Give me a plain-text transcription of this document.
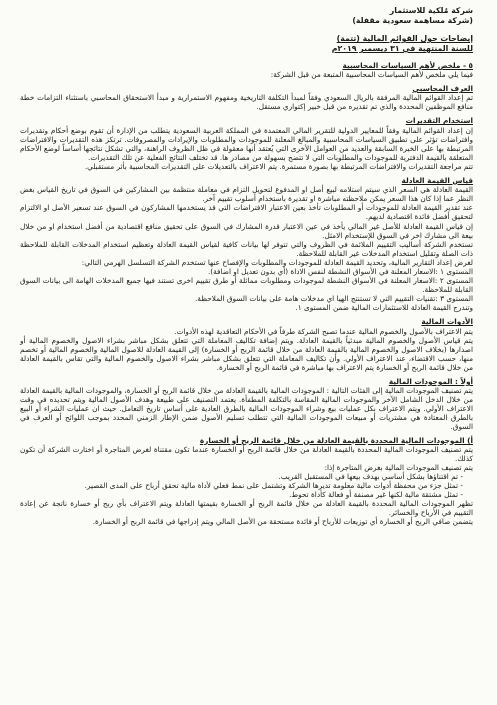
شركة مُلكية للاستثمار
(شركة مساهمة سعودية مقفلة)
إيضاحات حول القوائم المالية (تتمة)
للسنة المنتهية في ٣١ ديسمبر ٢٠١٩م
٥ - ملخص لأهم السياسات المحاسبية

فيما يلي ملخص لأهم السياسات المحاسبية المتبعة من قبل الشركة:

العرف المحاسبي

تم إعداد القوائم المالية المرفقة بالريال السعودي وفقاً لمبدأ التكلفة التاريخية ومفهوم الاستمرارية و مبدأ الاستحقاق المحاسبي باستثناء التزامات خطة منافع الموظفين المحددة والذي تم تقديره من قبل خبير إكتواري مستقل.

استخدام التقديرات

إن إعداد القوائم المالية وفقاً للمعايير الدولية للتقرير المالي المعتمدة في المملكة العربية السعودية يتطلب من الإدارة أن تقوم بوضع أحكام وتقديرات وافتراضات تؤثر على تطبيق السياسات المحاسبية والمبالغ المعلنة للموجودات والمطلوبات والإيرادات والمصروفات. ترتكز هذه التقديرات والافتراضات المرتبطة بها على الخبرة السابقة والعديد من العوامل الأخرى التي يُعتقد أنها معقولة في ظل الظروف الراهنة، والتي تشكل نتائجها أساساً لوضع الأحكام المتعلقة بالقيمة الدفترية للموجودات والمطلوبات التي لا تتضح بسهولة من مصادر ها. قد تختلف النتائج الفعلية عن تلك التقديرات.

تتم مراجعة التقديرات والافتراضات المرتبطة بها بصورة مستمرة. يتم الاعتراف بالتعديلات على التقديرات المحاسبية بأثر مستقبلي.

قياس القيمة العادلة

القيمة العادلة هي السعر الذي سيتم استلامه لبيع أصل او المدفوع لتحويل التزام في معاملة منتظمة بين المشاركين في السوق في تاريخ القياس بغض النظر عما إذا كان هذا السعر يمكن ملاحظته مباشرة او تقديرة باستخدام أسلوب تقييم آخر.

عند تقدير القيمة العادلة للموجودات أو المطلوبات تأخذ بعين الاعتبار الافتراضات التي قد يستخدمها المشاركون في السوق عند تسعير الأصل او الالتزام لتحقيق أفضل فائدة اقتصادية لديهم.

إن قياس القيمة العادلة للأصل غير المالي يأخذ في عين الاعتبار قدرة المشارك في السوق على تحقيق منافع اقتصادية من أفضل استخدام او من خلال بيعة الى مشارك اخر في السوق للإستخدام الامثل.

تستخدم الشركة أساليب التقييم الملائمة في الظروف والتي تتوفر لها بيانات كافية لقياس القيمة العادلة وتعظيم استخدام المدخلات القابلة للملاحظة ذات الصلة وتقليل استخدام المدخلات غير القابلة للملاحظة.

لغرض إعداد التقارير المالية، وتحديد القيمة العادلة للموجودات والمطلوبات والإفصاح عنها تستخدم الشركة التسلسل الهرمي التالي:

المستوى ١ :الاسعار المعلنة في الأسواق النشطة لنفس الاداة (أي بدون تعديل او اضافة).

المستوى ٢ :الاسعار المعلنة في الأسواق النشطة لموجودات ومطلوبات مماثلة أو طرق تقييم اخرى تستند فيها جميع المدخلات الهامة الى بيانات السوق القابلة للملاحظة.

المستوى ٣ :تقنيات التقييم التي لا تستنتج الهيا اي مدخلات هامة على بيانات السوق الملاحظة.

وتندرج القيمة العادلة للاستثمارات المالية ضمن المستوى ١.

الأدوات المالية

يتم الاعتراف بالأصول والخصوم المالية عندما تصبح الشركة طرفاً في الأحكام التعاقدية لهذه الأدوات.

يتم قياس الأصول والخصوم المالية مبدئياً بالقيمة العادلة. ويتم إضافة تكاليف المعاملة التي تتعلق بشكل مباشر بشراء الاصول والخصوم المالية أو اصدارها (بخلاف الاصول والخصوم المالية بالقيمة العادلة من خلال قائمة الربح أو الخسارة) إلى القيمة العادلة للاصول المالية والخصوم المالية أو تخصم منها، حسب الاقتضاء، عند الاعتراف الأولي. وأن تكاليف المعاملة التي تتعلق بشكل مباشر بشراء الاصول والخصوم المالية والتي تقاس بالقيمة العادلة من خلال قائمة الربح أو الخسارة يتم الاعتراف بها مباشرة في قائمة الربح أو الخسارة.

أولاً : الموجودات المالية

يتم تصنيف الموجودات المالية إلى الفئات التالية : الموجودات المالية بالقيمة العادلة من خلال قائمة الربح أو الخسارة، والموجودات المالية بالقيمة العادلة من خلال الدخل الشامل الآخر والموجودات المالية المقاسة بالتكلفة المطفأة. يعتمد التصنيف على طبيعة وهدف الأصول المالية ويتم تحديده في وقت الاعتراف الأولي. ويتم الاعتراف بكل عمليات بيع وشراء الموجودات المالية بالطرق العادية على أساس تاريخ التعامل. حيث ان عمليات الشراء أو البيع بالطرق المعتادة هي مشتريات أو مبيعات الموجودات المالية التي تتطلب تسليم الأصول ضمن الإطار الزمني المحدد بموجب اللوائح أو العرف في السوق.

أ) الموجودات المالية المحددة بالقيمة العادلة من خلال قائمة الربح أو الخسارة

يتم تصنيف الموجودات المالية المحددة بالقيمة العادلة من خلال قائمة الربح أو الخسارة عندما تكون مقتناة لغرض المتاجرة أو اختارت الشركة أن تكون كذلك.

يتم تصنيف الموجودات المالية بغرض المتاجرة إذا:

- تم اقتناؤها بشكل أساسي بهدف بيعها في المستقبل القريب.

- تمثل جزء من محفظة أدوات مالية معلومة تديرها الشركة وتشتمل على نمط فعلي لأداة مالية تحقق أرباح على المدى القصير.

- تمثل مشتقة مالية لكنها غير مصنفة أو فعالة كأداة تحوط.

تظهر الموجودات المالية المحددة بالقيمة العادلة من خلال قائمة الربح أو الخسارة بقيمتها العادلة ويتم الاعتراف بأي ربح أو خسارة ناتجة عن إعادة التقييم في الأرباح والخسائر.

يتضمن صافي الربح أو الخسارة أي توزيعات للأرباح أو فائدة مستحقة من الأصل المالي ويتم إدراجها في قائمة الربح أو الخسارة.
